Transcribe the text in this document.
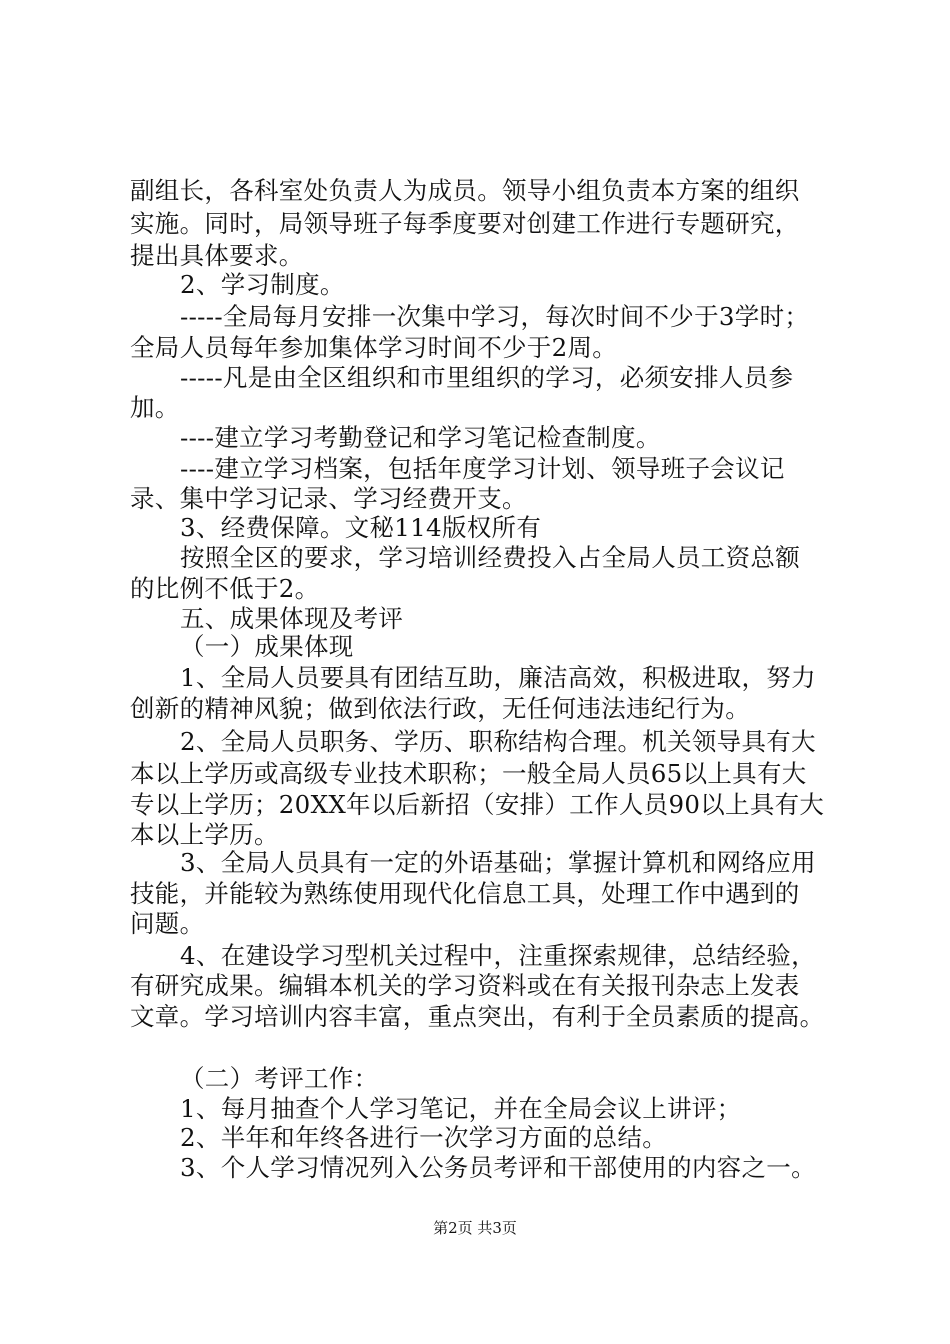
副组长，各科室处负责人为成员。领导小组负责本方案的组织
实施。同时，局领导班子每季度要对创建工作进行专题研究，
提出具体要求。
2、学习制度。
-----全局每月安排一次集中学习，每次时间不少于3学时；
全局人员每年参加集体学习时间不少于2周。
-----凡是由全区组织和市里组织的学习，必须安排人员参
加。
----建立学习考勤登记和学习笔记检查制度。
----建立学习档案，包括年度学习计划、领导班子会议记
录、集中学习记录、学习经费开支。
3、经费保障。文秘114版权所有
按照全区的要求，学习培训经费投入占全局人员工资总额
的比例不低于2。
五、成果体现及考评
（一）成果体现
1、全局人员要具有团结互助，廉洁高效，积极进取，努力
创新的精神风貌；做到依法行政，无任何违法违纪行为。
2、全局人员职务、学历、职称结构合理。机关领导具有大
本以上学历或高级专业技术职称；一般全局人员65以上具有大
专以上学历；20XX年以后新招（安排）工作人员90以上具有大
本以上学历。
3、全局人员具有一定的外语基础；掌握计算机和网络应用
技能，并能较为熟练使用现代化信息工具，处理工作中遇到的
问题。
4、在建设学习型机关过程中，注重探索规律，总结经验，
有研究成果。编辑本机关的学习资料或在有关报刊杂志上发表
文章。学习培训内容丰富，重点突出，有利于全员素质的提高。
（二）考评工作：
1、每月抽查个人学习笔记，并在全局会议上讲评；
2、半年和年终各进行一次学习方面的总结。
3、个人学习情况列入公务员考评和干部使用的内容之一。
第2页 共3页
